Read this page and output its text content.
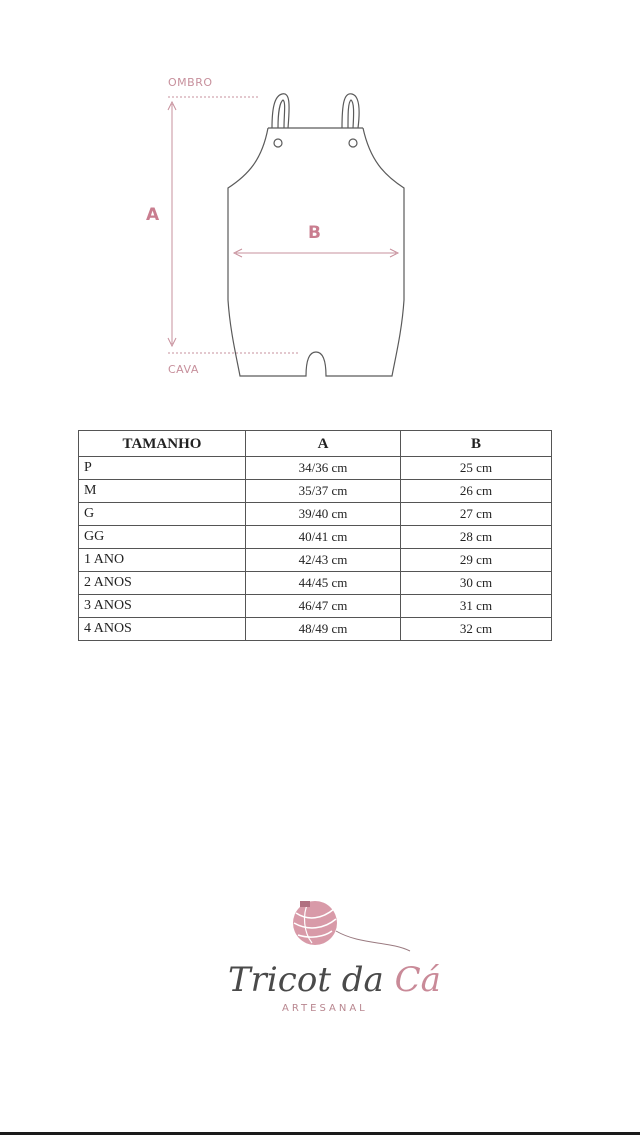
OMBRO
A
CAVA
B
TAMANHO	A	B
P	34/36 cm	25 cm
M	35/37 cm	26 cm
G	39/40 cm	27 cm
GG	40/41 cm	28 cm
1 ANO	42/43 cm	29 cm
2 ANOS	44/45 cm	30 cm
3 ANOS	46/47 cm	31 cm
4 ANOS	48/49 cm	32 cm
Tricot da Cá
ARTESANAL
